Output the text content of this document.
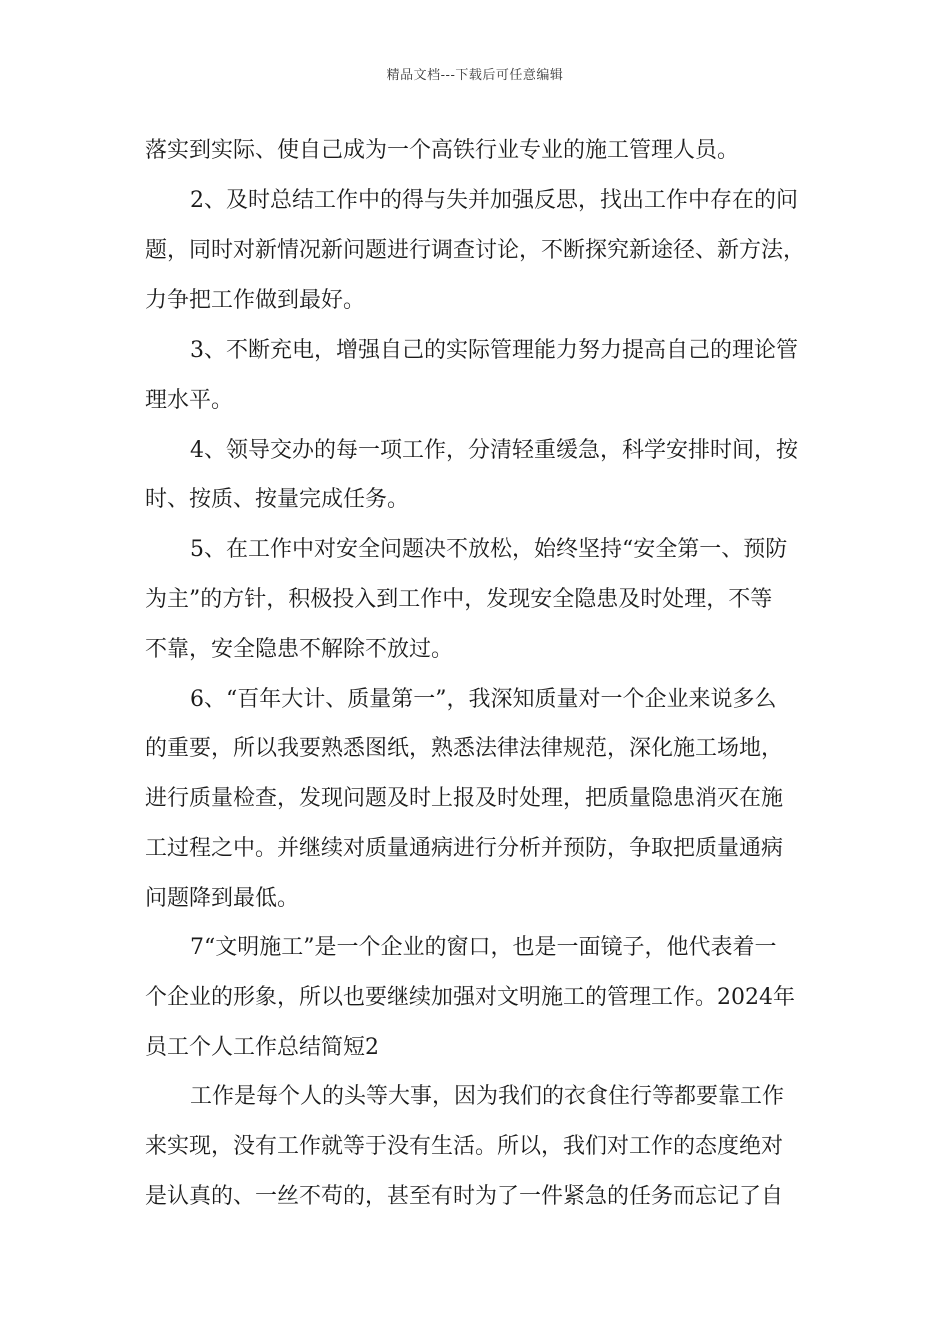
精品文档---下载后可任意编辑
落实到实际、使自己成为一个高铁行业专业的施工管理人员。
2、及时总结工作中的得与失并加强反思，找出工作中存在的问
题，同时对新情况新问题进行调查讨论，不断探究新途径、新方法，
力争把工作做到最好。
3、不断充电，增强自己的实际管理能力努力提高自己的理论管
理水平。
4、领导交办的每一项工作，分清轻重缓急，科学安排时间，按
时、按质、按量完成任务。
5、在工作中对安全问题决不放松，始终坚持“安全第一、预防
为主”的方针，积极投入到工作中，发现安全隐患及时处理，不等
不靠，安全隐患不解除不放过。
6、“百年大计、质量第一”，我深知质量对一个企业来说多么
的重要，所以我要熟悉图纸，熟悉法律法律规范，深化施工场地，
进行质量检查，发现问题及时上报及时处理，把质量隐患消灭在施
工过程之中。并继续对质量通病进行分析并预防，争取把质量通病
问题降到最低。
7“文明施工”是一个企业的窗口，也是一面镜子，他代表着一
个企业的形象，所以也要继续加强对文明施工的管理工作。2024年
员工个人工作总结简短2
工作是每个人的头等大事，因为我们的衣食住行等都要靠工作
来实现，没有工作就等于没有生活。所以，我们对工作的态度绝对
是认真的、一丝不苟的，甚至有时为了一件紧急的任务而忘记了自
